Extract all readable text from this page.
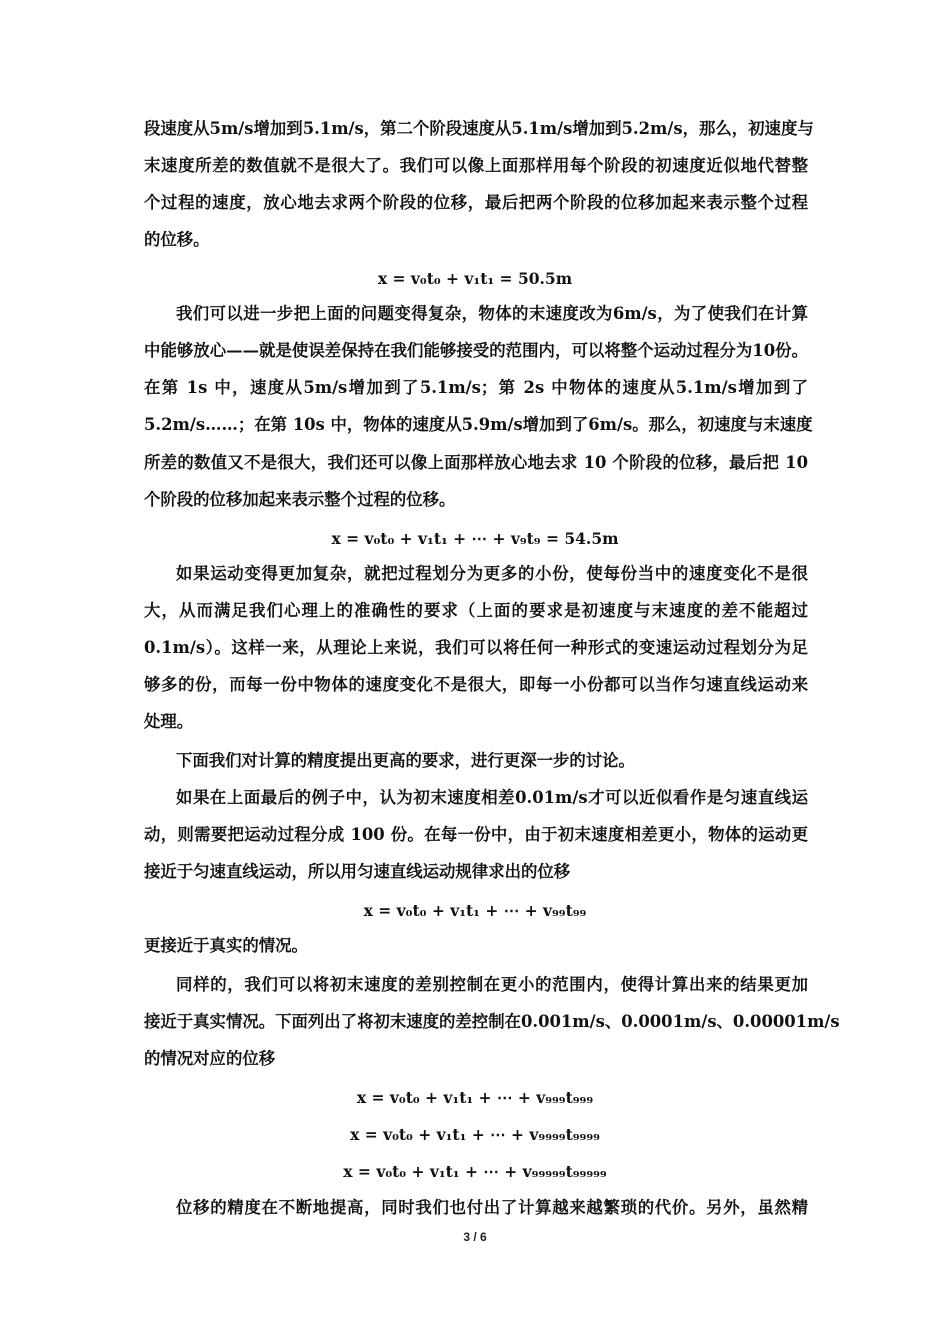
段速度从5m/s增加到5.1m/s，第二个阶段速度从5.1m/s增加到5.2m/s，那么，初速度与
末速度所差的数值就不是很大了。我们可以像上面那样用每个阶段的初速度近似地代替整
个过程的速度，放心地去求两个阶段的位移，最后把两个阶段的位移加起来表示整个过程
的位移。
x = v₀t₀ + v₁t₁ = 50.5m
我们可以进一步把上面的问题变得复杂，物体的末速度改为6m/s，为了使我们在计算
中能够放心——就是使误差保持在我们能够接受的范围内，可以将整个运动过程分为10份。
在第 1s 中，速度从5m/s增加到了5.1m/s；第 2s 中物体的速度从5.1m/s增加到了
5.2m/s……；在第 10s 中，物体的速度从5.9m/s增加到了6m/s。那么，初速度与末速度
所差的数值又不是很大，我们还可以像上面那样放心地去求 10 个阶段的位移，最后把 10
个阶段的位移加起来表示整个过程的位移。
x = v₀t₀ + v₁t₁ + ⋯ + v₉t₉ = 54.5m
如果运动变得更加复杂，就把过程划分为更多的小份，使每份当中的速度变化不是很
大，从而满足我们心理上的准确性的要求（上面的要求是初速度与末速度的差不能超过
0.1m/s）。这样一来，从理论上来说，我们可以将任何一种形式的变速运动过程划分为足
够多的份，而每一份中物体的速度变化不是很大，即每一小份都可以当作匀速直线运动来
处理。
下面我们对计算的精度提出更高的要求，进行更深一步的讨论。
如果在上面最后的例子中，认为初末速度相差0.01m/s才可以近似看作是匀速直线运
动，则需要把运动过程分成 100 份。在每一份中，由于初末速度相差更小，物体的运动更
接近于匀速直线运动，所以用匀速直线运动规律求出的位移
x = v₀t₀ + v₁t₁ + ⋯ + v₉₉t₉₉
更接近于真实的情况。
同样的，我们可以将初末速度的差别控制在更小的范围内，使得计算出来的结果更加
接近于真实情况。下面列出了将初末速度的差控制在0.001m/s、0.0001m/s、0.00001m/s
的情况对应的位移
x = v₀t₀ + v₁t₁ + ⋯ + v₉₉₉t₉₉₉
x = v₀t₀ + v₁t₁ + ⋯ + v₉₉₉₉t₉₉₉₉
x = v₀t₀ + v₁t₁ + ⋯ + v₉₉₉₉₉t₉₉₉₉₉
位移的精度在不断地提高，同时我们也付出了计算越来越繁琐的代价。另外，虽然精
3 / 6
